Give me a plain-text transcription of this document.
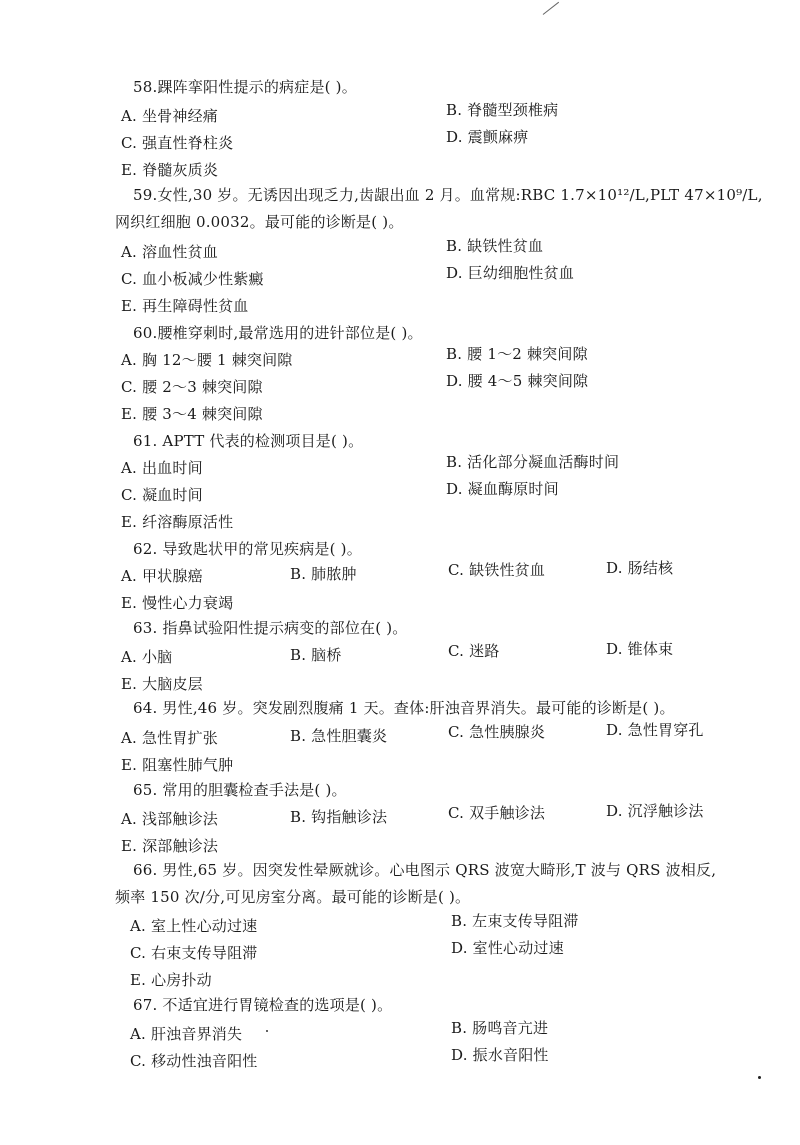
58.踝阵挛阳性提示的病症是( )。
A. 坐骨神经痛	B. 脊髓型颈椎病
C. 强直性脊柱炎	D. 震颤麻痹
E. 脊髓灰质炎
59.女性,30 岁。无诱因出现乏力,齿龈出血 2 月。血常规:RBC 1.7×10¹²/L,PLT 47×10⁹/L,
网织红细胞 0.0032。最可能的诊断是( )。
A. 溶血性贫血	B. 缺铁性贫血
C. 血小板减少性紫癜	D. 巨幼细胞性贫血
E. 再生障碍性贫血
60.腰椎穿刺时,最常选用的进针部位是( )。
A. 胸 12～腰 1 棘突间隙	B. 腰 1～2 棘突间隙
C. 腰 2～3 棘突间隙	D. 腰 4～5 棘突间隙
E. 腰 3～4 棘突间隙
61. APTT 代表的检测项目是( )。
A. 出血时间	B. 活化部分凝血活酶时间
C. 凝血时间	D. 凝血酶原时间
E. 纤溶酶原活性
62. 导致匙状甲的常见疾病是( )。
A. 甲状腺癌	B. 肺脓肿	C. 缺铁性贫血	D. 肠结核
E. 慢性心力衰竭
63. 指鼻试验阳性提示病变的部位在( )。
A. 小脑	B. 脑桥	C. 迷路	D. 锥体束
E. 大脑皮层
64. 男性,46 岁。突发剧烈腹痛 1 天。查体:肝浊音界消失。最可能的诊断是( )。
A. 急性胃扩张	B. 急性胆囊炎	C. 急性胰腺炎	D. 急性胃穿孔
E. 阻塞性肺气肿
65. 常用的胆囊检查手法是( )。
A. 浅部触诊法	B. 钩指触诊法	C. 双手触诊法	D. 沉浮触诊法
E. 深部触诊法
66. 男性,65 岁。因突发性晕厥就诊。心电图示 QRS 波宽大畸形,T 波与 QRS 波相反,
频率 150 次/分,可见房室分离。最可能的诊断是( )。
A. 室上性心动过速	B. 左束支传导阻滞
C. 右束支传导阻滞	D. 室性心动过速
E. 心房扑动
67. 不适宜进行胃镜检查的选项是( )。
A. 肝浊音界消失	B. 肠鸣音亢进
C. 移动性浊音阳性	D. 振水音阳性
